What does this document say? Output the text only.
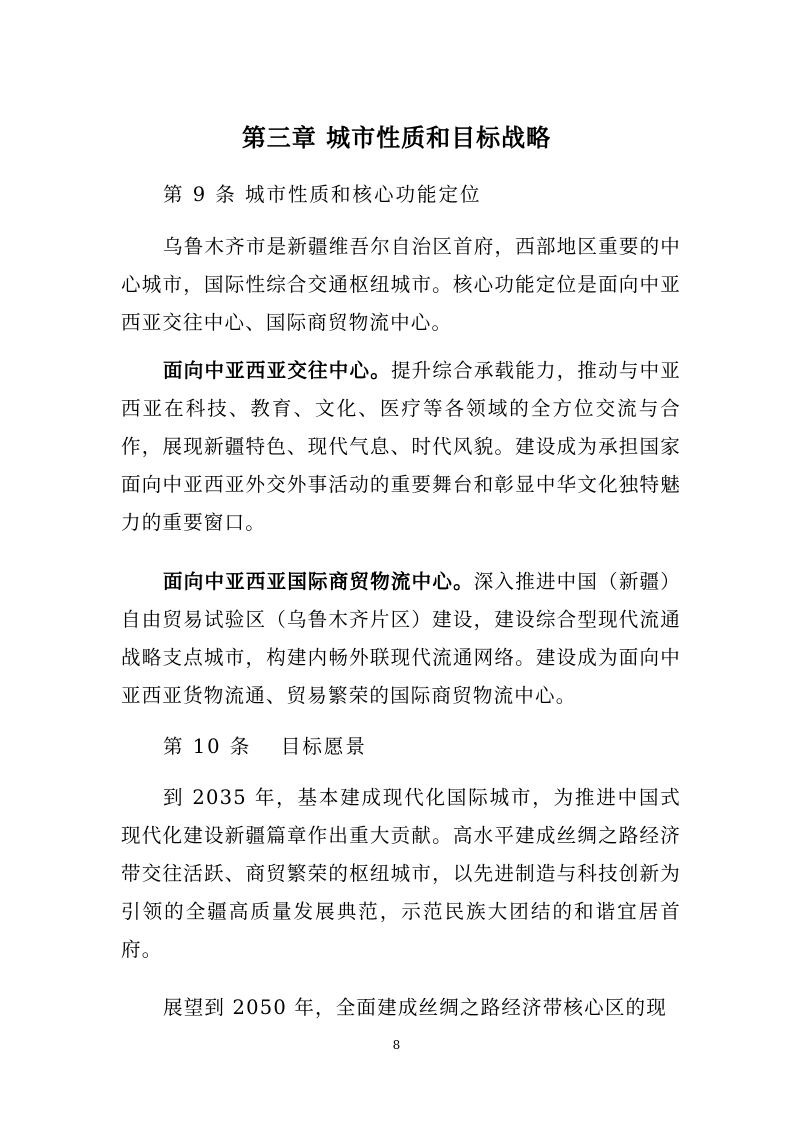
第三章 城市性质和目标战略
第 9 条 城市性质和核心功能定位

乌鲁木齐市是新疆维吾尔自治区首府，西部地区重要的中心城市，国际性综合交通枢纽城市。核心功能定位是面向中亚西亚交往中心、国际商贸物流中心。

面向中亚西亚交往中心。提升综合承载能力，推动与中亚西亚在科技、教育、文化、医疗等各领域的全方位交流与合作，展现新疆特色、现代气息、时代风貌。建设成为承担国家面向中亚西亚外交外事活动的重要舞台和彰显中华文化独特魅力的重要窗口。

面向中亚西亚国际商贸物流中心。深入推进中国（新疆）自由贸易试验区（乌鲁木齐片区）建设，建设综合型现代流通战略支点城市，构建内畅外联现代流通网络。建设成为面向中亚西亚货物流通、贸易繁荣的国际商贸物流中心。

第 10 条　 目标愿景

到 2035 年，基本建成现代化国际城市，为推进中国式现代化建设新疆篇章作出重大贡献。高水平建成丝绸之路经济带交往活跃、商贸繁荣的枢纽城市，以先进制造与科技创新为引领的全疆高质量发展典范，示范民族大团结的和谐宜居首府。

展望到 2050 年，全面建成丝绸之路经济带核心区的现

8
